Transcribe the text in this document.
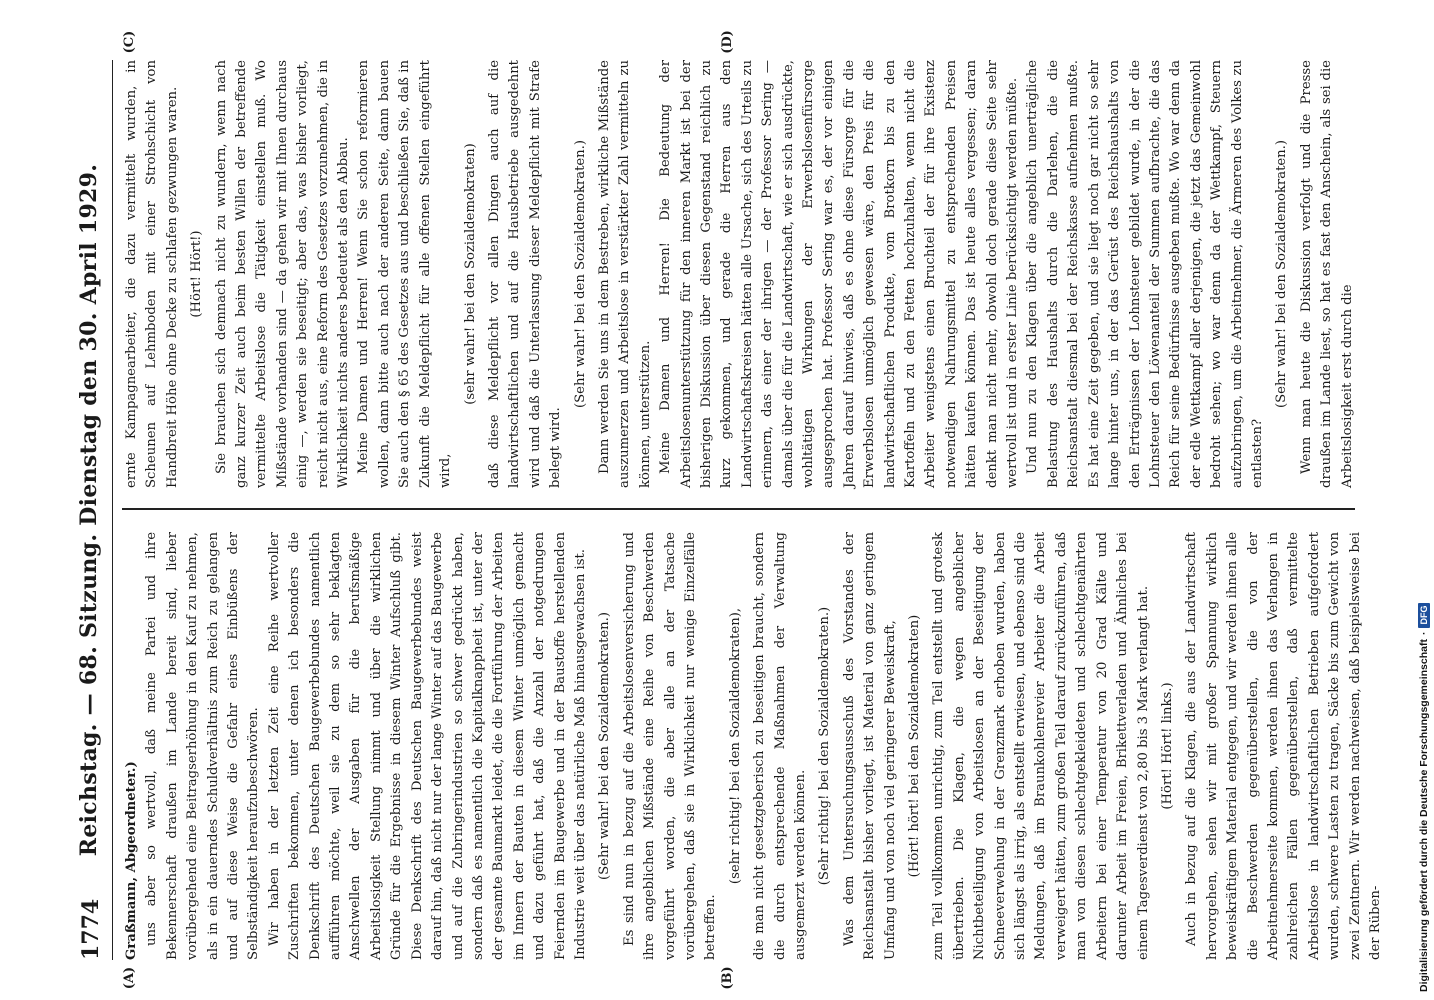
1774
Reichstag. — 68. Sitzung. Dienstag den 30. April 1929.

Graßmann, Abgeordneter.) uns aber so wertvoll, daß meine Partei und ihre Bekennerschaft draußen im Lande bereit sind, lieber vorübergehend eine Beitragserhöhung in den Kauf zu nehmen, als in ein dauerndes Schuldverhältnis zum Reich zu gelangen und auf diese Weise die Gefahr eines Einbüßens der Selbständigkeit heraufzubeschwören. Wir haben in der letzten Zeit eine Reihe wertvoller Zuschriften bekommen, unter denen ich besonders die Denkschrift des Deutschen Baugewerbebundes namentlich aufführen möchte, weil sie zu dem so sehr beklagten Anschwellen der Ausgaben für die berufsmäßige Arbeitslosigkeit Stellung nimmt und über die wirklichen Gründe für die Ergebnisse in diesem Winter Aufschluß gibt. Diese Denkschrift des Deutschen Baugewerbebundes weist darauf hin, daß nicht nur der lange Winter auf das Baugewerbe und auf die Zubringerindustrien so schwer gedrückt haben, sondern daß es namentlich die Kapitalknappheit ist, unter der der gesamte Baumarkt leidet, die die Fortführung der Arbeiten im Innern der Bauten in diesem Winter unmöglich gemacht und dazu geführt hat, daß die Anzahl der notgedrungen Feiernden im Baugewerbe und in der Baustoffe herstellenden Industrie weit über das natürliche Maß hinausgewachsen ist. (Sehr wahr! bei den Sozialdemokraten.) Es sind nun in bezug auf die Arbeitslosenversicherung und ihre angeblichen Mißstände eine Reihe von Beschwerden vorgeführt worden, die aber alle an der Tatsache vorübergehen, daß sie in Wirklichkeit nur wenige Einzelfälle betreffen.

(sehr richtig! bei den Sozialdemokraten), die man nicht gesetzgeberisch zu beseitigen braucht, sondern die durch entsprechende Maßnahmen der Verwaltung ausgemerzt werden können. (Sehr richtig! bei den Sozialdemokraten.) Was dem Untersuchungsausschuß des Vorstandes der Reichsanstalt bisher vorliegt, ist Material von ganz geringem Umfang und von noch viel geringerer Beweiskraft, (Hört! hört! bei den Sozialdemokraten) zum Teil vollkommen unrichtig, zum Teil entstellt und grotesk übertrieben. Die Klagen, die wegen angeblicher Nichtbeteiligung von Arbeitslosen an der Beseitigung der Schneeverwehung in der Grenzmark erhoben wurden, haben sich längst als irrig, als entstellt erwiesen, und ebenso sind die Meldungen, daß im Braunkohlenrevier Arbeiter die Arbeit verweigert hätten, zum großen Teil darauf zurückzuführen, daß man von diesen schlechtgekleideten und schlechtgenährten Arbeitern bei einer Temperatur von 20 Grad Kälte und darunter Arbeit im Freien, Brikettverladen und Ähnliches bei einem Tagesverdienst von 2,80 bis 3 Mark verlangt hat. (Hört! Hört! links.) Auch in bezug auf die Klagen, die aus der Landwirtschaft hervorgehen, sehen wir mit großer Spannung wirklich beweiskräftigem Material entgegen, und wir werden ihnen alle die Beschwerden gegenüberstellen, die von der Arbeitnehmerseite kommen, werden ihnen das Verlangen in zahlreichen Fällen gegenüberstellen, daß vermittelte Arbeitslose in landwirtschaftlichen Betrieben aufgefordert wurden, schwere Lasten zu tragen, Säcke bis zum Gewicht von zwei Zentnern. Wir werden nachweisen, daß beispielsweise bei der Rüben-

ernte Kampagnearbeiter, die dazu vermittelt wurden, in Scheunen auf Lehmboden mit einer Strohschicht von Handbreit Höhe ohne Decke zu schlafen gezwungen waren. (Hört! Hört!) Sie brauchen sich demnach nicht zu wundern, wenn nach ganz kurzer Zeit auch beim besten Willen der betreffende vermittelte Arbeitslose die Tätigkeit einstellen muß. Wo Mißstände vorhanden sind — da gehen wir mit Ihnen durchaus einig —, werden sie beseitigt; aber das, was bisher vorliegt, reicht nicht aus, eine Reform des Gesetzes vorzunehmen, die in Wirklichkeit nichts anderes bedeutet als den Abbau. Meine Damen und Herren! Wenn Sie schon reformieren wollen, dann bitte auch nach der anderen Seite, dann bauen Sie auch den § 65 des Gesetzes aus und beschließen Sie, daß in Zukunft die Meldepflicht für alle offenen Stellen eingeführt wird,

(sehr wahr! bei den Sozialdemokraten) daß diese Meldepflicht vor allen Dingen auch auf die landwirtschaftlichen und auf die Hausbetriebe ausgedehnt wird und daß die Unterlassung dieser Meldepflicht mit Strafe belegt wird.

(Sehr wahr! bei den Sozialdemokraten.) Dann werden Sie uns in dem Bestreben, wirkliche Mißstände auszumerzen und Arbeitslose in verstärkter Zahl vermitteln zu können, unterstützen. Meine Damen und Herren! Die Bedeutung der Arbeitslosenunterstützung für den inneren Markt ist bei der bisherigen Diskussion über diesen Gegenstand reichlich zu kurz gekommen, und gerade die Herren aus den Landwirtschaftskreisen hätten alle Ursache, sich des Urteils zu erinnern, das einer der ihrigen — der Professor Sering — damals über die für die Landwirtschaft, wie er sich ausdrückte, wohltätigen Wirkungen der Erwerbslosenfürsorge ausgesprochen hat. Professor Sering war es, der vor einigen Jahren darauf hinwies, daß es ohne diese Fürsorge für die Erwerbslosen unmöglich gewesen wäre, den Preis für die landwirtschaftlichen Produkte, vom Brotkorn bis zu den Kartoffeln und zu den Fetten hochzuhalten, wenn nicht die Arbeiter wenigstens einen Bruchteil der für ihre Existenz notwendigen Nahrungsmittel zu entsprechenden Preisen hätten kaufen können. Das ist heute alles vergessen; daran denkt man nicht mehr, obwohl doch gerade diese Seite sehr wertvoll ist und in erster Linie berücksichtigt werden müßte. Und nun zu den Klagen über die angeblich unerträgliche Belastung des Haushalts durch die Darlehen, die die Reichsanstalt diesmal bei der Reichskasse aufnehmen mußte. Es hat eine Zeit gegeben, und sie liegt noch gar nicht so sehr lange hinter uns, in der das Gerüst des Reichshaushalts von den Erträgnissen der Lohnsteuer gebildet wurde, in der die Lohnsteuer den Löwenanteil der Summen aufbrachte, die das Reich für seine Bedürfnisse ausgeben mußte. Wo war denn da der edle Wettkampf aller derjenigen, die jetzt das Gemeinwohl bedroht sehen; wo war denn da der Wettkampf, Steuern aufzubringen, um die Arbeitnehmer, die Ärmeren des Volkes zu entlasten?

(Sehr wahr! bei den Sozialdemokraten.) Wenn man heute die Diskussion verfolgt und die Presse draußen im Lande liest, so hat es fast den Anschein, als sei die Arbeitslosigkeit erst durch die

(A)	(B)
(C)	(D)
Digitalisierung gefördert durch die Deutsche Forschungsgemeinschaft
·
DFG
